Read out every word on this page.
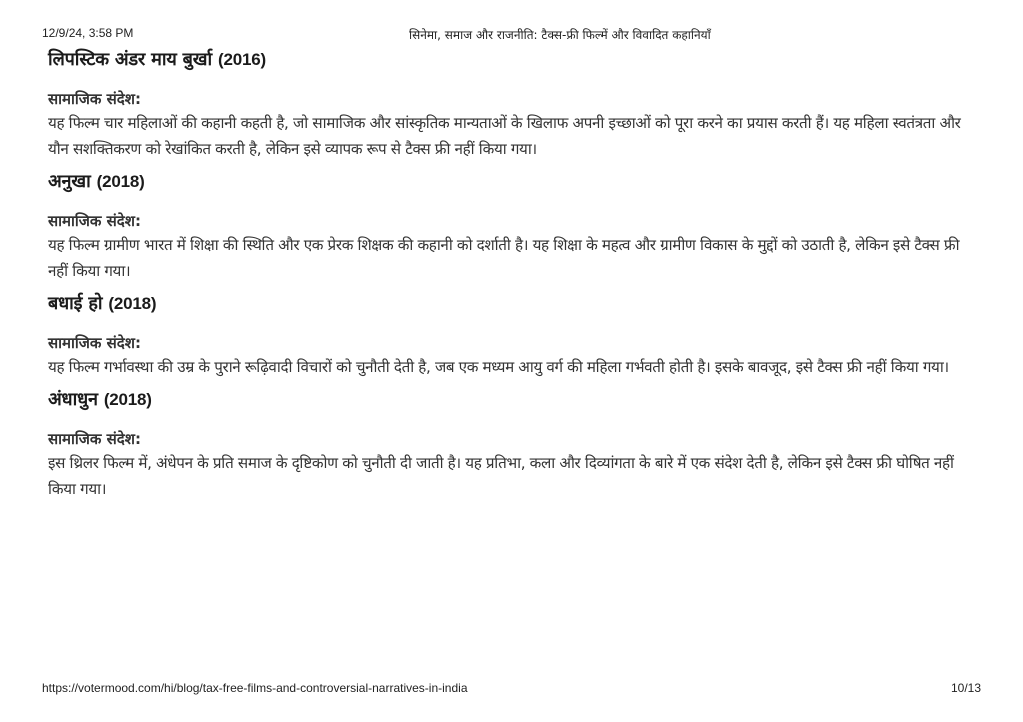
12/9/24, 3:58 PM	सिनेमा, समाज और राजनीति: टैक्स-फ्री फिल्में और विवादित कहानियाँ
लिपस्टिक अंडर माय बुर्खा (2016)
सामाजिक संदेश:

यह फिल्म चार महिलाओं की कहानी कहती है, जो सामाजिक और सांस्कृतिक मान्यताओं के खिलाफ अपनी इच्छाओं को पूरा करने का प्रयास करती हैं। यह महिला स्वतंत्रता और यौन सशक्तिकरण को रेखांकित करती है, लेकिन इसे व्यापक रूप से टैक्स फ्री नहीं किया गया।

अनुखा (2018)
सामाजिक संदेश:

यह फिल्म ग्रामीण भारत में शिक्षा की स्थिति और एक प्रेरक शिक्षक की कहानी को दर्शाती है। यह शिक्षा के महत्व और ग्रामीण विकास के मुद्दों को उठाती है, लेकिन इसे टैक्स फ्री नहीं किया गया।

बधाई हो (2018)
सामाजिक संदेश:

यह फिल्म गर्भावस्था की उम्र के पुराने रूढ़िवादी विचारों को चुनौती देती है, जब एक मध्यम आयु वर्ग की महिला गर्भवती होती है। इसके बावजूद, इसे टैक्स फ्री नहीं किया गया।

अंधाधुन (2018)
सामाजिक संदेश:

इस थ्रिलर फिल्म में, अंधेपन के प्रति समाज के दृष्टिकोण को चुनौती दी जाती है। यह प्रतिभा, कला और दिव्यांगता के बारे में एक संदेश देती है, लेकिन इसे टैक्स फ्री घोषित नहीं किया गया।

https://votermood.com/hi/blog/tax-free-films-and-controversial-narratives-in-india	10/13
